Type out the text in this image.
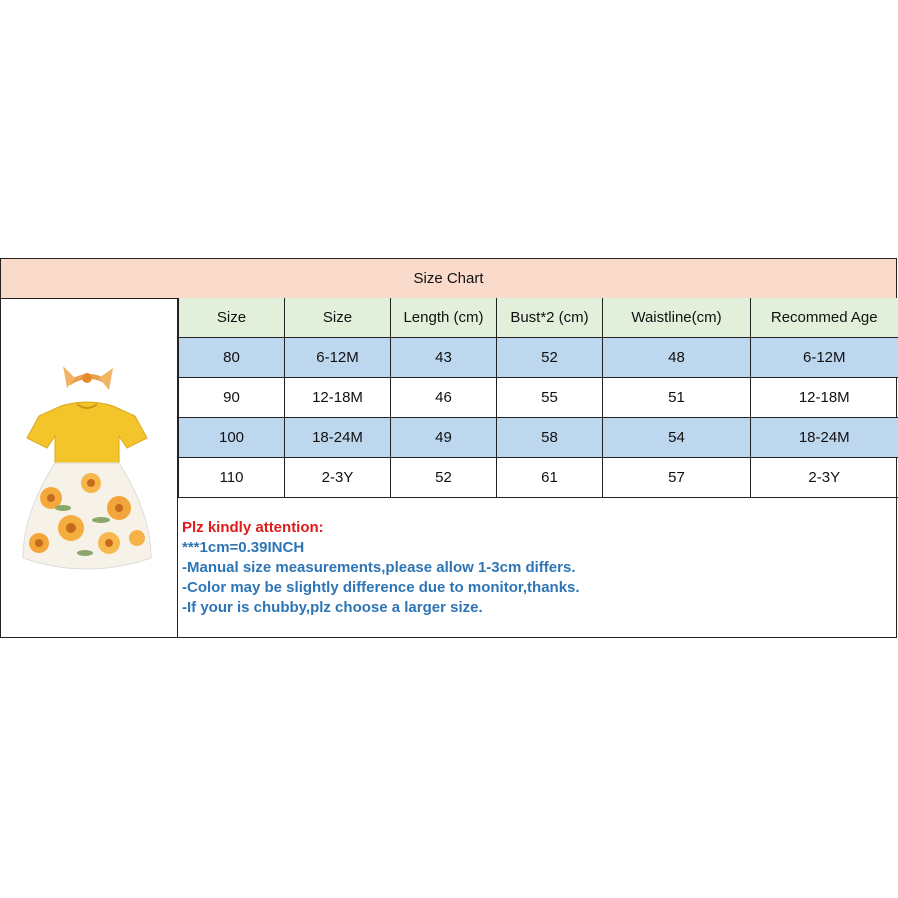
Size Chart
Size	Size	Length (cm)	Bust*2 (cm)	Waistline(cm)	Recommed Age
80	6-12M	43	52	48	6-12M
90	12-18M	46	55	51	12-18M
100	18-24M	49	58	54	18-24M
110	2-3Y	52	61	57	2-3Y
Plz kindly attention:
***1cm=0.39INCH
-Manual size measurements,please allow 1-3cm differs.
-Color may be slightly difference due to monitor,thanks.
-If your is chubby,plz choose a larger size.
